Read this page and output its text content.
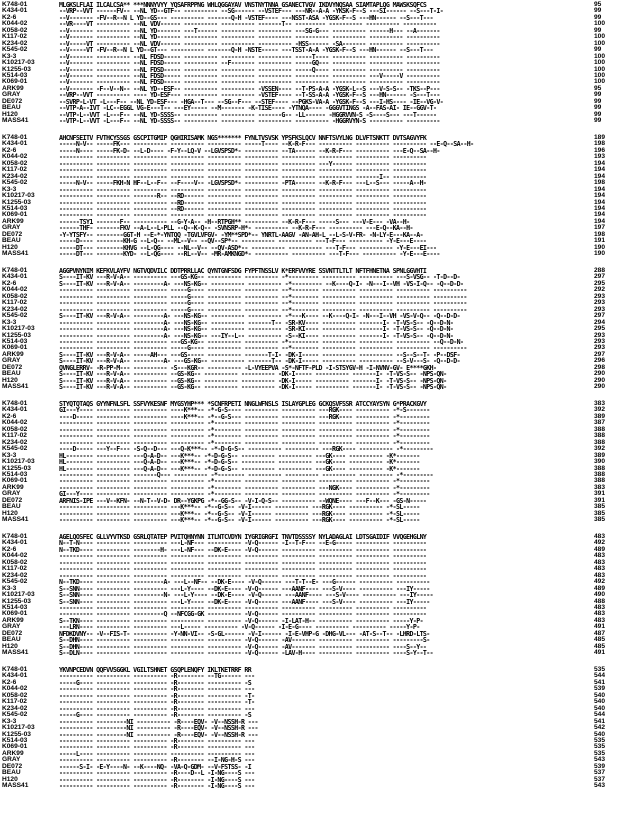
K748-01	MLGKSLFLAI ILCALCSA** ***NNNYVYY YQSAFRPPNG WHLQGGAYAV VNSTNYTNNA GSANECTVGV IKDVYNQSAA SIAMTAPLQG MAWSKSQFCS	95
K434-01	--VRP--VVT ------FV-- --NL YD--GTF-- ---------- --SG------ --VSTEF--- ---NR--A-A -YKSK-F--S ---SI------ --S---T-I-	99
K2-6	--V------- -FV--R--N L YD--GS--- ---------- -------Q-H -VSTEF---- ---NSST-ASA -YGSK-F--S ---HN------ --S---T---	99
K044-02	--VR----VT ---------- --NL VDV------ ---------- ---------- -------T-- --------- ---------- ---------- ----------	100
K058-02	--V------- ---------- --NL YD------- ---T------ ---------- ---------- ---SG-G--- ---------- ------H--- --A-------	99
K117-02	--V------- ---------- --NL YD------- ---------- ---------- ---------- ---------- ---------- ---------- ----------	100
K234-02	--V-----VT ---------- --NL VDV------ ---------- ---------- ---------- -HSS------ -SA------- ---------- ----------	100
K545-02	--V-----VT -FV--R--N L YD--GT--- ---------- -------Q-H -NSTE----- ---TSST-A-A -YGSK-F--S ---HN------ --S---T---	99
K3-3	--V------- ---------- --NL FDSD----- ---------- ---------- ---------- -----T---- ---------- ---------- ----------	100
K10217-03	--V------- ---------- --NL FDSD----- ---------- --F------- ---------- -----GQ--- ---------- ---------- ----------	100
K1255-03	--V------- ---------- --NL FDSD----- ---------- ---------- ---------- -----Q---- ---------- ---------- ----------	100
K514-03	--V------- ---------- --NL FDSD----- ---------- ---------- ---------- ---------- ---------- ---V-----V ----------	100
K069-01	--V------- ---------- --NL FDSD----- ---------- ---------- ---------- ---------- ---------- ---------- ----------	100
ARK99	--V------- -F--V--N-- --NL YD--ESF-- ---------- ---------- -VSSEN---- --T-PS-A-A -YGSK-L--S ---V-S-S-- -TKS--P---	95
GRAY	--VRP--VVT ---------- ---- YD-ESF--- ---------- ---------- -VSTEF---- --T-SS-A-A -YGSK-F--S ---HN------ -S---T---	99
DE072	--SVRP-L-VT -L---F-- --NL YD-ESF--- -HGA--T--- --SG--F--- --STEF---- --PGKS-VA-A -YGSK-F--S ---I-HS---- -IE--VG-V-	99
BEAU	--VTP-A--IVT -LC--EGGL VG-E---T-- ---EY----- --M------- -K-TISE---- -YTNQA---- -GGGVTINGS -A--FAS-AI- IE--GGV-T-	99
H120	--VTP-L--VVT -L---F-- --NL YD-SSSS-- ---------- ---------- -------G-- -LL------ -HGGRVVN-S -S----S--- ---T------	99
MASS41	--VTP-L--VVT -L---F-- --NL YD-SSSS-- ---------- ---------- ---------- ---------- -HGGRVYN-S ---------- ----------	99
K748-01	AHCNFSEITV FVTHCYSSGS GSCPITGMIP QGHIRISAMK NGS******* FYNLTVSVSK YPSFKSLQCV NNFTSVYLNG DLVFTSNKTT DVTSAGVYFK	189
K434-01	-----N-V-- -----FK--- ---------- ---------- ---------- -----T---- --K-R-F--- ---------- ---------- ---------- --E-Q--SA--H-	198
K2-6	-----N---- -----FK-D- --L-D---- -F-Y--LQ-V --LGVSPSD*- ---------- --TA------ --K-R-F--- ---------- ---E-Q--SA--H-	196
K044-02	---------- ---------- ---------- ---------- ---------- ---------- ---------- ---------- ---------- ----------	193
K058-02	---------- ---------- ---------- ---------- ---------- ---------- ---------- ---Y------ ---------- ----------	194
K117-02	---------- ---------- ---------- ---------- ---------- ---------- ---------- ---------- ---------- ----------	194
K234-02	---------- ---------- ---------- ---------- ---------- ---------- ---------- ---------- -------I-- ----------	194
K545-02	-----N-V-- -----FKH-N HF--L--F-- --F----V-- -LGVSPSD*- ---------- -PTA------ --K-R-F--- ---L--S--- -----A--H-	198
K3-3	---------- ---------- ---------- ---------- ---------- ---------- ---------- ---------- ---------- ----------	194
K10217-03	---------- ---------- -------R-- --RD------ ---------- ---------- ---------- ---------- ---------- ----------	194
K1255-03	---------- ---------- ---------- --RD------ ---------- ---------- ---------- ---------- ---------- ----------	194
K514-03	---------- ---------- ---------- --RD------ ---------- ---------- ---------- ---------- ---------- ----------	194
K069-01	---------- ---------- ---------- ---------- ---------- ---------- ---------- ---------- ---------- ----------	194
ARK99	------TSY1 -------F-- ---------- --G-Y-A-- -H--RTPGH** ---------- --K-R-F--- -----S--- ---V-E--- -VA--H-	194
GRAY	------THF- -------FKV --A-L--L-PLL --Q--K-Q-- -SVNSRP-H*- ---------- --K-R-F--- ---------- ---E-Q--KA--H-	197
DE072	-Y-YTSFY-- --------GGT-H --E-*-YNTQQ -TGVLVFGV- -YM**SPD*-- YNRTL-AAGV -AN-AH-L --L-S-V-FR- -N-LY-E---KA--A-	198
BEAU	-----D---- --------KH-G --L-Q-- --ML--V-- --QV--SP*-- ---------- ---------- ---T-F--- ---------- -Y-E---E----	191
H120	-----DT--- --------KHVG --L-QG---- --NL--V-- --QV-ASD*-- ---------- ---------- ---T-F--- ---------- -Y-E---EI---	190
MASS41	-----DT--- --------KYD- --L-QG---- --RL--V-- -MR-AMKNGD*- ---------- ---------- ---T-F--- ---------- -Y-E---E----	190
K748-01	AGGPVNYNIM KEFKVLAYFV NGTVQDVILC DDTPRRLLAC QYNTGNFSDG FYPFTNSSLV K*ERFVVYRE SSVNTTLTLT NFTFHNETNA SPNLGGVHTI	288
K434-01	S----IT-KV ---R-V-A-- ---------- ---GS-KG-- ---------- ---------- -*--------- ---------- ---------- ---S-VSG-- -T-D--D-	297
K2-6	S----IT-KV ---R-V-A-- ---------A- ---NS-KG-- ---------- ---------- -*--------- --K----Q-I- -N---I--VH -VS-I-Q-- -Q--D-D-	295
K044-02	---------- ---------- ---------- -----G---- ---------- ---------- --*-------- ---------- ---------- ---------- ----------	292
K058-02	---------- ---------- ---------- -----G---- ---------- ---------- --*-------- ---------- ---------- ---------- ----------	293
K117-02	---------- ---------- ---------- -----G---- ---------- ---------- --*-------- ---------- ---------- ---------- ----------	293
K234-02	---------- ---------- ---------- -----G---- ---------- ---------- --*-------- ---------- ---------- ---------- ----------	293
K545-02	S----IT-KV ---R-V-A-- ---------A- ---NS-KG-- ---------- ---------- -*---K---- --K----Q-I- -N---I--VH -VS-V-Q-- -Q--D-D-	297
K3-3	---------- ---------- ---------A- ---NS-KG-- ---------- -------T-- -SR-KV---- ---------- -------I- -T-VS-S-- -Q--D-N-	294
K10217-03	---------- ---------- ---------A- ---NS-KG-- ---------- ---------- -SR-KI---- ---------- -------I- -T-VS-S-- -Q--D-N-	295
K1255-03	---------- ---------- ---------A- ---NS-KG-- ---IY--L-- ---------- -S--KI---- ---------- -------I- -T-VS-S-- -Q--D-N-	293
K514-03	---------- ---------- ---------- ---GS-KG-- ---------- ---------- -*--------- ---------- ---------- ---------- --Q--D-N-	293
K069-01	---------- ---------- ---------- -----G---- ---------- ---------- --*-------- ---------- ---------- ---------- ----------	293
ARK99	S----IT-KV ---R-V-A-- -----AH--- ---GS----- ---------- -------T-I- -DK-I----- ---------- ---------- --S--S--T- -P--DSF-	297
GRAY	S----IT-KV ---R-V-A-- ---------A- ---GS-KG-- ---------- -------T-- -DK-I----- ---------- ---------- --S-V---S- -Q--D-D-	296
DE072	QVNGLERRV- -R-PP-M--- ---------- -S---KGR-- ---------- -L-VYEEPVA -S*-NFTF-PLD -I-STSYGV-H -I-NVNV-GV- E****GKH-	298
BEAU	S----IT-KV ---R-V-A-- ---------- --GS-KG-- ---------- ---------- -DK-I----- ---------- -------I- -T-VS-S-- -NPS-QN-	290
H120	S----IT-KV ---R-V-A-- ---------- --GS-KG-- ---------- ---------- -DK-I----- ---------- -------I- -T-VS-S-- -NPS-QN-	290
MASS41	S----IT-KV ---R-V-A-- ---------- --GS-KG-- ---------- ---------- -DK-I----- ---------- -------I- -T-VS-S-- -NPS-QN-	290
K748-01	STYQTQTAQS GYYNFNLSFL SSFVYKESNF MYGSYHP*** *SCNFRPETI NNGLWFNSLS ISLAYGPLEG GCKQSVFSSR ATCCYAYSYN G*PRACKGVY	383
K434-01	GI---Y---- ---------- ---------- ----K***-- -*-G-S---- ---------- ---------- ---RGK---- ---------- -*-S-------	392
K2-6	----D----- ---------- ---------- ----K***-- -*--G-S--- ---------- ---------- ---RGK---- ---------- -*---------	389
K044-02	---------- ---------- ---------- ---------- -*-------- ---------- ---------- ---------- ---------- -*---------	387
K058-02	---------- ---------- ---------- ---------- -*-------- ---------- ---------- ---------- ---------- -*---------	388
K117-02	---------- ---------- ---------- ---------- -*-------- ---------- ---------- ---------- ---------- -*---------	388
K234-02	---------- ---------- ---------- ---------- -*-------- ---------- ---------- ---------- ---------- -*---------	388
K545-02	----D----- ---Y--F--- -S-Q--D--- ---Q-K***-- -*-D-G-S-- ---------- ---------- ---RGK---- ---------- -*---------	392
K3-3	HL-------- ---------- ---Q-A-D-- ---K***-- -*-D-G-S-- ---------- ---------- ---GK---- ---------- -K*-------	389
K10217-03	HL-------- ---------- ---Q-A-D-- ---K***-- -*-D-G-S-- ---------- ---------- ---GK---- ---------- -K*-------	390
K1255-03	HL-------- ---------- ---Q-A-D-- ---K***-- -*-D-G-S-- ---------- ---------- ---GK---- ---------- -K*-------	388
K514-03	---------- ---------- -------Q--- ---------- -*-------- ---------- ---------- ---------- ---------- -*---------	388
K069-01	---------- ---------- ---------- ---------- -*-------- ---------- ---------- ---------- ---------- -*---------	388
ARK99	---------- ---------- ---------- ---------- -*-------- ---------- ---------- ---NGK---- ---------- -*---------	383
GRAY	GI---Y---- ---------- ---------- ---------- -*-------- ---------- ---------- ---------- ---------- -*---------	391
DE072	ARFNIS-IPE ---V--KFN- --N-T--V-D- DR--YGKPG -*--GG-S-- -V-I-Q-S-- ---------- --WQNE---- ---F--K--- -GS-N-----	391
BEAU	---------- ---------- ---------- ---K***-- -*--G-S-- -V-I------ ---------- ---RGK---- ---------- -*-SL-----	385
H120	---------- ---------- ---------- ---K***-- -*--G-S-- -V-I------ ---------- ---RGK---- ---------- -*-SL-----	385
MASS41	---------- ---------- ---------- ---K***-- -*--G-S-- -V-I------ ---------- ---RGK---- ---------- -*-SL-----	385
K748-01	AGELQOSFEC GLLVYVTKSD GSRLQTATEP PVITQHNYNN ITLNTCVDYN IYGRIGRGFI TNVTDSSSSY NYLADAGLAI LDTSGAIDIF VVQGEHGLNY	483
K434-01	N--T-N---- ---------- ---------- ---L-NF--- ---------- -V-Q------ -I--T-F--- --E-G----- ---------- ----------	492
K2-6	N--TKD---- ---------- --------H- ---L-NF--- --DK-E---- -V-Q------ ---------- ---------- ---------- ----------	489
K044-02	---------- ---------- ---------- ---------- ---------- ---------- ---------- ---------- ---------- ----------	483
K058-02	---------- ---------- ---------- ---------- ---------- ---------- ---------- ---------- ---------- ----------	483
K117-02	---------- ---------- ---------- ---------- ---------- ---------- ---------- ---------- ---------- ----------	483
K234-02	---------- ---------- ---------- ---------- ---------- ---------- ---------- ---------- ---------- ----------	483
K545-02	N--TKD---- ---------- ---------A- ---L--NF-- --DK-E---- -V-Q------ ---T-T--E- ---G------ ---------- ----------	492
K3-3	S--SNN---- ---------- ---------- ---L-Y---- --DK-E---- -V-Q------ ---AANF---- ---S-V---- ---------- ---IY-----	489
K10217-03	S--SNN---- ---------- ---------N- ---L-Y---- --DK-E---- -V-Q------ ---AANF---- ---S-V---- ---------- ---IY-----	490
K1255-03	S--SNN---- ---------- ---------- ---L-Y---- --DK-E---- -V-Q------ ---AANF---- ---S-V---- ---------- ---IY-----	488
K514-03	---------- ---------- ---------- ---------- ---------- ---------- ---------- ---------- ---------- ----------	483
K069-01	---------- ---------- ---------Q --NFCGG-GK ---------- -V-Q------ ---------- ---------- ---------- ----------	483
ARK99	S--TKN---- ---------- ---------- ---------- ---------- -V-Q------ -I-LAT-H-- ---------- ---------- -----Y-P-	483
GRAY	---LRN---- ---------- ---------- ---L----- ---------- -V-Q------ -I-E-G---- ---------- ---------- -----Y-P-	491
DE072	NFDKDVNY-- -V--FIS-T- ---------- -Y-NN-VI-- -S-GL------ -V-I------ -I-E-VHP-G -DHG-VL--- -AT-S--T-- -LHRD-LTS-	487
BEAU	S--DHN---- ---------- ---------- ---------- ---------- -V-Q------ -AV------- ---------- ---------- ---------S-	485
H120	S--DHN---- ---------- ---------- ---------- ---------- -V-Q------ -AV------- ---------- ---------- ----S--Y--	485
MASS41	S--DLN---- ---------- ---------- ---------- ---------- -V-Q------ -LAV-H---- ---------- ---------- ----S-Y--T--	491
K748-01	YKVNPCEDVN QQFVVSGGKL VGILTSHNET GSQPLENQFY IKLTKETRRF RR	535
K434-01	---------- ---------- ---------- -R-------- --TG------ ---	544
K2-6	-----G---- ---------- ---------- -R-------- ---------- -S	541
K044-02	---------- ---------- ---------- -R-------- ---------- ---	539
K058-02	---------- ---------- ---------- -R-------- ---------- -T-	540
K117-02	---------- ---------- ---------- -R-------- ---------- -T-	540
K234-02	---------- ---------- ---------- -R-------- ---------- ---	540
K545-02	-----G---- ---------- ---------- -R-------- ---------- -S	544
K3-3	---------- ---------NI ---------- -R----EQV- -V--NSSH-R ---	541
K10217-03	---------- ---------NI ---------- -R----EQV- -V--NSSH-R ---	542
K1255-03	---------- ---------NI ---------- -R----EQV- -V--NSSH-R ---	540
K514-03	---------- ---------- ---------- -R-------- ---------- ---	535
K069-01	---------- ---------- ---------- -R-------- ---------- ---	535
ARK99	-----L---- ---------- ---------- ---------- ---------- ---	535
GRAY	---------- ---------- ---------- -R-------- --I-NG-H-S ---	543
DE072	------S-I- -E-Y----N- --K----NQ- -VA-Q-GDM- --V-FSTSS- -I	539
BEAU	---------- ---------- ---------- -R----D--L -I-NG----S ---	537
H120	---------- ---------- ---------- -R-------- -I-NG----S ---	537
MASS41	---------- ---------- ---------- -R-------- -I-NG----S ---	543
